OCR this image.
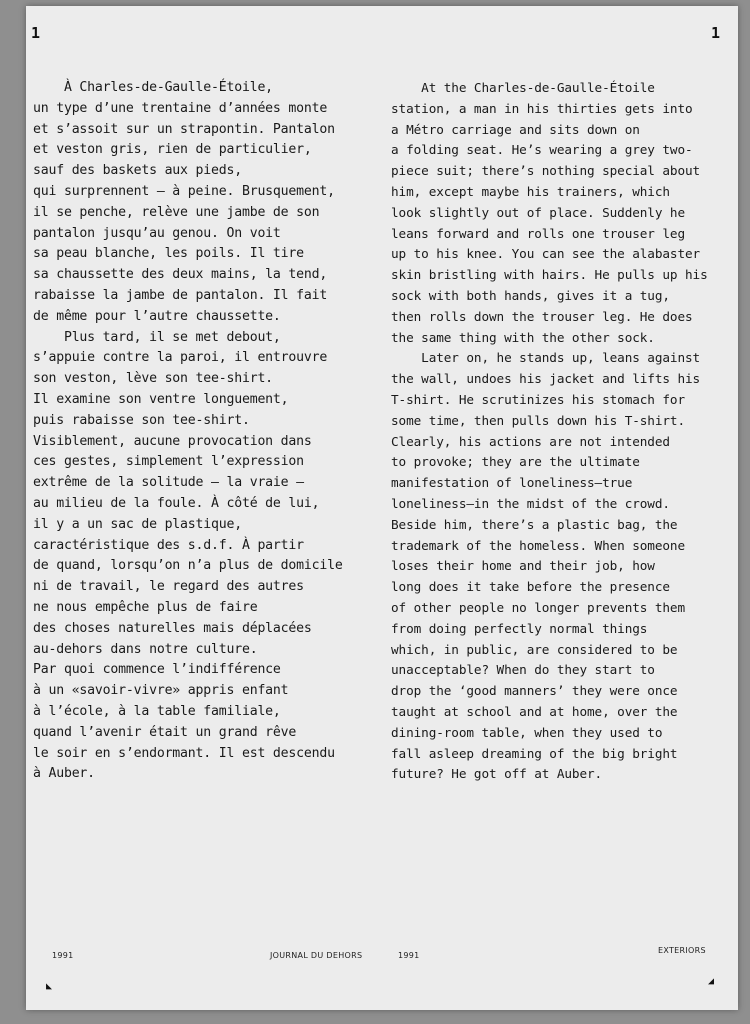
1	1
À Charles-de-Gaulle-Étoile,
un type d’une trentaine d’années monte
et s’assoit sur un strapontin. Pantalon
et veston gris, rien de particulier,
sauf des baskets aux pieds,
qui surprennent — à peine. Brusquement,
il se penche, relève une jambe de son
pantalon jusqu’au genou. On voit
sa peau blanche, les poils. Il tire
sa chaussette des deux mains, la tend,
rabaisse la jambe de pantalon. Il fait
de même pour l’autre chaussette.
Plus tard, il se met debout,
s’appuie contre la paroi, il entrouvre
son veston, lève son tee-shirt.
Il examine son ventre longuement,
puis rabaisse son tee-shirt.
Visiblement, aucune provocation dans
ces gestes, simplement l’expression
extrême de la solitude — la vraie —
au milieu de la foule. À côté de lui,
il y a un sac de plastique,
caractéristique des s.d.f. À partir
de quand, lorsqu’on n’a plus de domicile
ni de travail, le regard des autres
ne nous empêche plus de faire
des choses naturelles mais déplacées
au-dehors dans notre culture.
Par quoi commence l’indifférence
à un «savoir-vivre» appris enfant
à l’école, à la table familiale,
quand l’avenir était un grand rêve
le soir en s’endormant. Il est descendu
à Auber.
At the Charles-de-Gaulle-Étoile
station, a man in his thirties gets into
a Métro carriage and sits down on
a folding seat. He’s wearing a grey two-
piece suit; there’s nothing special about
him, except maybe his trainers, which
look slightly out of place. Suddenly he
leans forward and rolls one trouser leg
up to his knee. You can see the alabaster
skin bristling with hairs. He pulls up his
sock with both hands, gives it a tug,
then rolls down the trouser leg. He does
the same thing with the other sock.
Later on, he stands up, leans against
the wall, undoes his jacket and lifts his
T-shirt. He scrutinizes his stomach for
some time, then pulls down his T-shirt.
Clearly, his actions are not intended
to provoke; they are the ultimate
manifestation of loneliness—true
loneliness—in the midst of the crowd.
Beside him, there’s a plastic bag, the
trademark of the homeless. When someone
loses their home and their job, how
long does it take before the presence
of other people no longer prevents them
from doing perfectly normal things
which, in public, are considered to be
unacceptable? When do they start to
drop the ‘good manners’ they were once
taught at school and at home, over the
dining-room table, when they used to
fall asleep dreaming of the big bright
future? He got off at Auber.
1991	JOURNAL DU DEHORS	1991
EXTERIORS
◣	◢
